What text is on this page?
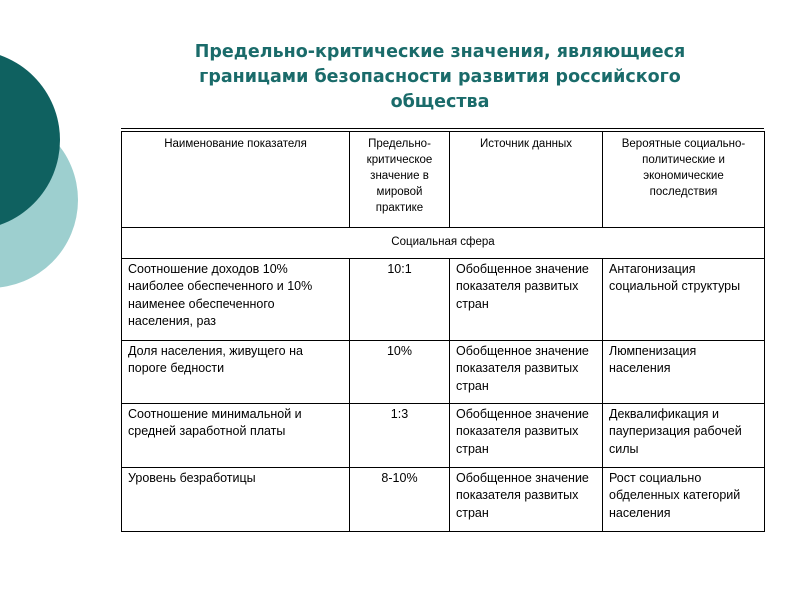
Предельно-критические значения, являющиеся границами безопасности развития российского общества
Наименование показателя	Предельно-критическое значение в мировой практике	Источник данных	Вероятные социально-политические и экономические последствия
Социальная сфера			
Соотношение доходов 10% наиболее обеспеченного и 10% наименее обеспеченного населения, раз	10:1	Обобщенное значение показателя развитых стран	Антагонизация социальной структуры
Доля населения, живущего на пороге бедности	10%	Обобщенное значение показателя развитых стран	Люмпенизация населения
Соотношение минимальной и средней заработной платы	1:3	Обобщенное значение показателя развитых стран	Деквалификация и пауперизация рабочей силы
Уровень безработицы	8-10%	Обобщенное значение показателя развитых стран	Рост социально обделенных категорий населения
